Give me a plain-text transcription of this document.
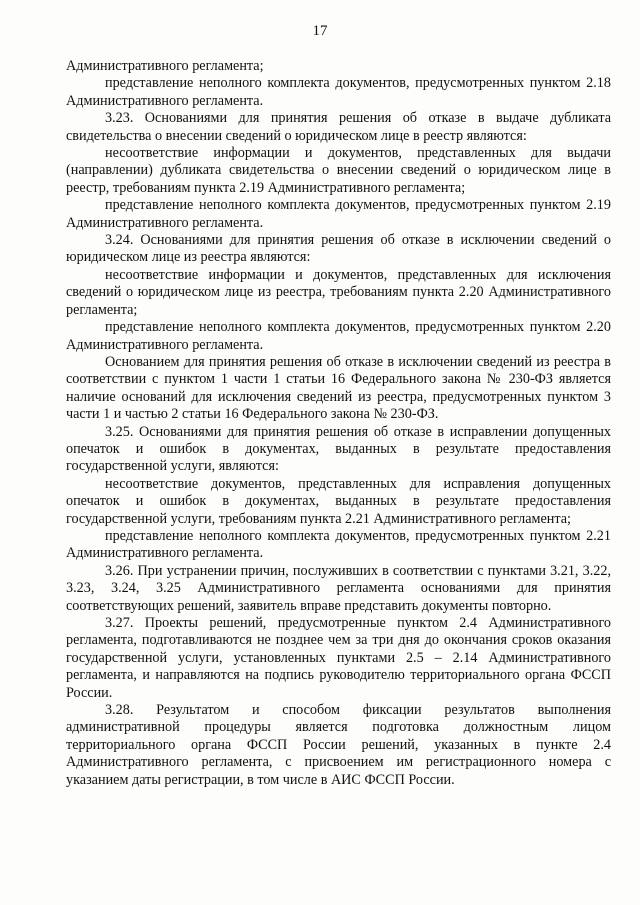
17

Административного регламента;

представление неполного комплекта документов, предусмотренных пунктом 2.18 Административного регламента.

3.23. Основаниями для принятия решения об отказе в выдаче дубликата свидетельства о внесении сведений о юридическом лице в реестр являются:

несоответствие информации и документов, представленных для выдачи (направлении) дубликата свидетельства о внесении сведений о юридическом лице в реестр, требованиям пункта 2.19 Административного регламента;

представление неполного комплекта документов, предусмотренных пунктом 2.19 Административного регламента.

3.24. Основаниями для принятия решения об отказе в исключении сведений о юридическом лице из реестра являются:

несоответствие информации и документов, представленных для исключения сведений о юридическом лице из реестра, требованиям пункта 2.20 Административного регламента;

представление неполного комплекта документов, предусмотренных пунктом 2.20 Административного регламента.

Основанием для принятия решения об отказе в исключении сведений из реестра в соответствии с пунктом 1 части 1 статьи 16 Федерального закона № 230-ФЗ является наличие оснований для исключения сведений из реестра, предусмотренных пунктом 3 части 1 и частью 2 статьи 16 Федерального закона № 230-ФЗ.

3.25. Основаниями для принятия решения об отказе в исправлении допущенных опечаток и ошибок в документах, выданных в результате предоставления государственной услуги, являются:

несоответствие документов, представленных для исправления допущенных опечаток и ошибок в документах, выданных в результате предоставления государственной услуги, требованиям пункта 2.21 Административного регламента;

представление неполного комплекта документов, предусмотренных пунктом 2.21 Административного регламента.

3.26. При устранении причин, послуживших в соответствии с пунктами 3.21, 3.22, 3.23, 3.24, 3.25 Административного регламента основаниями для принятия соответствующих решений, заявитель вправе представить документы повторно.

3.27. Проекты решений, предусмотренные пунктом 2.4 Административного регламента, подготавливаются не позднее чем за три дня до окончания сроков оказания государственной услуги, установленных пунктами 2.5 – 2.14 Административного регламента, и направляются на подпись руководителю территориального органа ФССП России.

3.28. Результатом и способом фиксации результатов выполнения административной процедуры является подготовка должностным лицом территориального органа ФССП России решений, указанных в пункте 2.4 Административного регламента, с присвоением им регистрационного номера с указанием даты регистрации, в том числе в АИС ФССП России.
